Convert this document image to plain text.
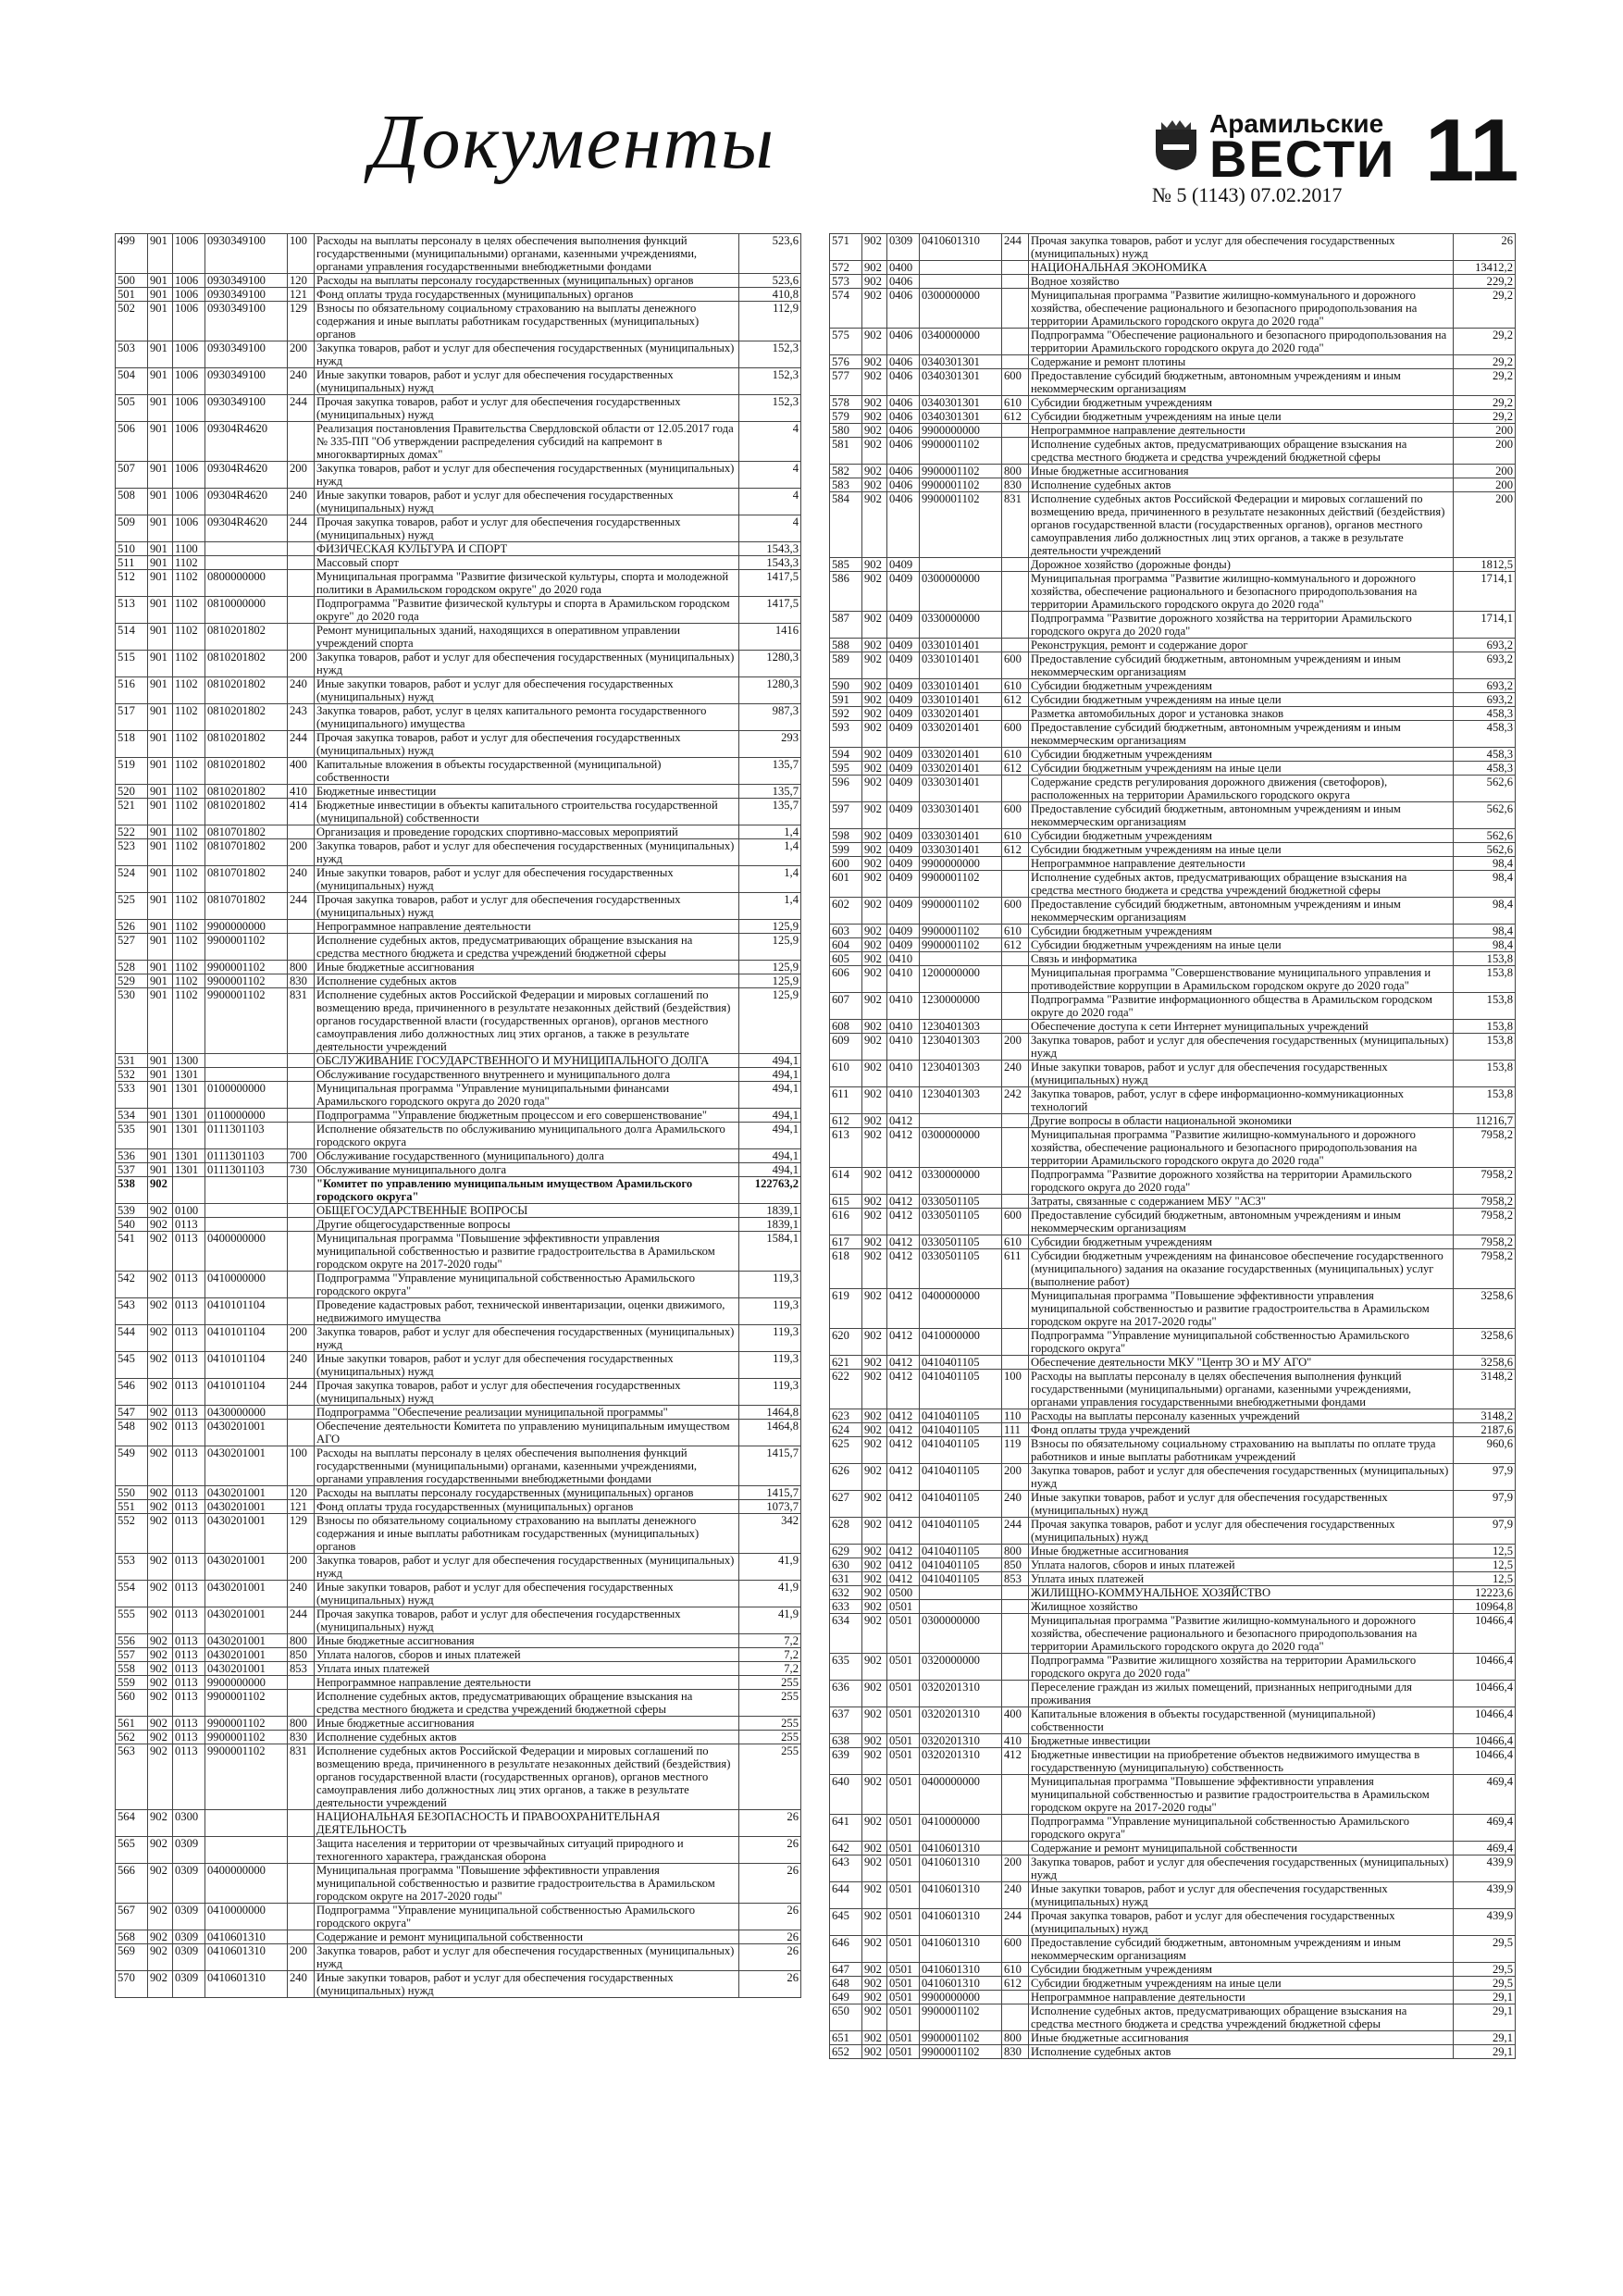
Документы	Арамильские
ВЕСТИ 11
№ 5 (1143) 07.02.2017
499	901	1006	0930349100	100	Расходы на выплаты персоналу в целях обеспечения выполнения функций государственными (муниципальными) органами, казенными учреждениями, органами управления государственными внебюджетными фондами	523,6
500	901	1006	0930349100	120	Расходы на выплаты персоналу государственных (муниципальных) органов	523,6
501	901	1006	0930349100	121	Фонд оплаты труда государственных (муниципальных) органов	410,8
502	901	1006	0930349100	129	Взносы по обязательному социальному страхованию на выплаты денежного содержания и иные выплаты работникам государственных (муниципальных) органов	112,9
503	901	1006	0930349100	200	Закупка товаров, работ и услуг для обеспечения государственных (муниципальных) нужд	152,3
504	901	1006	0930349100	240	Иные закупки товаров, работ и услуг для обеспечения государственных (муниципальных) нужд	152,3
505	901	1006	0930349100	244	Прочая закупка товаров, работ и услуг для обеспечения государственных (муниципальных) нужд	152,3
506	901	1006	09304R4620		Реализация постановления Правительства Свердловской области от 12.05.2017 года № 335-ПП "Об утверждении распределения субсидий на капремонт в многоквартирных домах"	4
507	901	1006	09304R4620	200	Закупка товаров, работ и услуг для обеспечения государственных (муниципальных) нужд	4
508	901	1006	09304R4620	240	Иные закупки товаров, работ и услуг для обеспечения государственных (муниципальных) нужд	4
509	901	1006	09304R4620	244	Прочая закупка товаров, работ и услуг для обеспечения государственных (муниципальных) нужд	4
510	901	1100			ФИЗИЧЕСКАЯ КУЛЬТУРА И СПОРТ	1543,3
511	901	1102			Массовый спорт	1543,3
512	901	1102	0800000000		Муниципальная программа "Развитие физической культуры, спорта и молодежной политики в Арамильском городском округе" до 2020 года	1417,5
513	901	1102	0810000000		Подпрограмма "Развитие физической культуры и спорта в Арамильском городском округе" до 2020 года	1417,5
514	901	1102	0810201802		Ремонт муниципальных зданий, находящихся в оперативном управлении учреждений спорта	1416
515	901	1102	0810201802	200	Закупка товаров, работ и услуг для обеспечения государственных (муниципальных) нужд	1280,3
516	901	1102	0810201802	240	Иные закупки товаров, работ и услуг для обеспечения государственных (муниципальных) нужд	1280,3
517	901	1102	0810201802	243	Закупка товаров, работ, услуг в целях капитального ремонта государственного (муниципального) имущества	987,3
518	901	1102	0810201802	244	Прочая закупка товаров, работ и услуг для обеспечения государственных (муниципальных) нужд	293
519	901	1102	0810201802	400	Капитальные вложения в объекты государственной (муниципальной) собственности	135,7
520	901	1102	0810201802	410	Бюджетные инвестиции	135,7
521	901	1102	0810201802	414	Бюджетные инвестиции в объекты капитального строительства государственной (муниципальной) собственности	135,7
522	901	1102	0810701802		Организация и проведение городских спортивно-массовых мероприятий	1,4
523	901	1102	0810701802	200	Закупка товаров, работ и услуг для обеспечения государственных (муниципальных) нужд	1,4
524	901	1102	0810701802	240	Иные закупки товаров, работ и услуг для обеспечения государственных (муниципальных) нужд	1,4
525	901	1102	0810701802	244	Прочая закупка товаров, работ и услуг для обеспечения государственных (муниципальных) нужд	1,4
526	901	1102	9900000000		Непрограммное направление деятельности	125,9
527	901	1102	9900001102		Исполнение судебных актов, предусматривающих обращение взыскания на средства местного бюджета и средства учреждений бюджетной сферы	125,9
528	901	1102	9900001102	800	Иные бюджетные ассигнования	125,9
529	901	1102	9900001102	830	Исполнение судебных актов	125,9
530	901	1102	9900001102	831	Исполнение судебных актов Российской Федерации и мировых соглашений по возмещению вреда, причиненного в результате незаконных действий (бездействия) органов государственной власти (государственных органов), органов местного самоуправления либо должностных лиц этих органов, а также в результате деятельности учреждений	125,9
531	901	1300			ОБСЛУЖИВАНИЕ ГОСУДАРСТВЕННОГО И МУНИЦИПАЛЬНОГО ДОЛГА	494,1
532	901	1301			Обслуживание государственного внутреннего и муниципального долга	494,1
533	901	1301	0100000000		Муниципальная программа "Управление муниципальными финансами Арамильского городского округа до 2020 года"	494,1
534	901	1301	0110000000		Подпрограмма "Управление бюджетным процессом и его совершенствование"	494,1
535	901	1301	0111301103		Исполнение обязательств по обслуживанию муниципального долга Арамильского городского округа	494,1
536	901	1301	0111301103	700	Обслуживание государственного (муниципального) долга	494,1
537	901	1301	0111301103	730	Обслуживание муниципального долга	494,1
538	902				"Комитет по управлению муниципальным имуществом Арамильского городского округа"	122763,2
539	902	0100			ОБЩЕГОСУДАРСТВЕННЫЕ ВОПРОСЫ	1839,1
540	902	0113			Другие общегосударственные вопросы	1839,1
541	902	0113	0400000000		Муниципальная программа "Повышение эффективности управления муниципальной собственностью и развитие градостроительства в Арамильском городском округе на 2017-2020 годы"	1584,1
542	902	0113	0410000000		Подпрограмма "Управление муниципальной собственностью Арамильского городского округа"	119,3
543	902	0113	0410101104		Проведение кадастровых работ, технической инвентаризации, оценки движимого, недвижимого имущества	119,3
544	902	0113	0410101104	200	Закупка товаров, работ и услуг для обеспечения государственных (муниципальных) нужд	119,3
545	902	0113	0410101104	240	Иные закупки товаров, работ и услуг для обеспечения государственных (муниципальных) нужд	119,3
546	902	0113	0410101104	244	Прочая закупка товаров, работ и услуг для обеспечения государственных (муниципальных) нужд	119,3
547	902	0113	0430000000		Подпрограмма "Обеспечение реализации муниципальной программы"	1464,8
548	902	0113	0430201001		Обеспечение деятельности Комитета по управлению муниципальным имуществом АГО	1464,8
549	902	0113	0430201001	100	Расходы на выплаты персоналу в целях обеспечения выполнения функций государственными (муниципальными) органами, казенными учреждениями, органами управления государственными внебюджетными фондами	1415,7
550	902	0113	0430201001	120	Расходы на выплаты персоналу государственных (муниципальных) органов	1415,7
551	902	0113	0430201001	121	Фонд оплаты труда государственных (муниципальных) органов	1073,7
552	902	0113	0430201001	129	Взносы по обязательному социальному страхованию на выплаты денежного содержания и иные выплаты работникам государственных (муниципальных) органов	342
553	902	0113	0430201001	200	Закупка товаров, работ и услуг для обеспечения государственных (муниципальных) нужд	41,9
554	902	0113	0430201001	240	Иные закупки товаров, работ и услуг для обеспечения государственных (муниципальных) нужд	41,9
555	902	0113	0430201001	244	Прочая закупка товаров, работ и услуг для обеспечения государственных (муниципальных) нужд	41,9
556	902	0113	0430201001	800	Иные бюджетные ассигнования	7,2
557	902	0113	0430201001	850	Уплата налогов, сборов и иных платежей	7,2
558	902	0113	0430201001	853	Уплата иных платежей	7,2
559	902	0113	9900000000		Непрограммное направление деятельности	255
560	902	0113	9900001102		Исполнение судебных актов, предусматривающих обращение взыскания на средства местного бюджета и средства учреждений бюджетной сферы	255
561	902	0113	9900001102	800	Иные бюджетные ассигнования	255
562	902	0113	9900001102	830	Исполнение судебных актов	255
563	902	0113	9900001102	831	Исполнение судебных актов Российской Федерации и мировых соглашений по возмещению вреда, причиненного в результате незаконных действий (бездействия) органов государственной власти (государственных органов), органов местного самоуправления либо должностных лиц этих органов, а также в результате деятельности учреждений	255
564	902	0300			НАЦИОНАЛЬНАЯ БЕЗОПАСНОСТЬ И ПРАВООХРАНИТЕЛЬНАЯ ДЕЯТЕЛЬНОСТЬ	26
565	902	0309			Защита населения и территории от чрезвычайных ситуаций природного и техногенного характера, гражданская оборона	26
566	902	0309	0400000000		Муниципальная программа "Повышение эффективности управления муниципальной собственностью и развитие градостроительства в Арамильском городском округе на 2017-2020 годы"	26
567	902	0309	0410000000		Подпрограмма "Управление муниципальной собственностью Арамильского городского округа"	26
568	902	0309	0410601310		Содержание и ремонт муниципальной собственности	26
569	902	0309	0410601310	200	Закупка товаров, работ и услуг для обеспечения государственных (муниципальных) нужд	26
570	902	0309	0410601310	240	Иные закупки товаров, работ и услуг для обеспечения государственных (муниципальных) нужд	26
571	902	0309	0410601310	244	Прочая закупка товаров, работ и услуг для обеспечения государственных (муниципальных) нужд	26
572	902	0400			НАЦИОНАЛЬНАЯ ЭКОНОМИКА	13412,2
573	902	0406			Водное хозяйство	229,2
574	902	0406	0300000000		Муниципальная программа "Развитие жилищно-коммунального и дорожного хозяйства, обеспечение рационального и безопасного природопользования на территории Арамильского городского округа до 2020 года"	29,2
575	902	0406	0340000000		Подпрограмма "Обеспечение рационального и безопасного природопользования на территории Арамильского городского округа до 2020 года"	29,2
576	902	0406	0340301301		Содержание и ремонт плотины	29,2
577	902	0406	0340301301	600	Предоставление субсидий бюджетным, автономным учреждениям и иным некоммерческим организациям	29,2
578	902	0406	0340301301	610	Субсидии бюджетным учреждениям	29,2
579	902	0406	0340301301	612	Субсидии бюджетным учреждениям на иные цели	29,2
580	902	0406	9900000000		Непрограммное направление деятельности	200
581	902	0406	9900001102		Исполнение судебных актов, предусматривающих обращение взыскания на средства местного бюджета и средства учреждений бюджетной сферы	200
582	902	0406	9900001102	800	Иные бюджетные ассигнования	200
583	902	0406	9900001102	830	Исполнение судебных актов	200
584	902	0406	9900001102	831	Исполнение судебных актов Российской Федерации и мировых соглашений по возмещению вреда, причиненного в результате незаконных действий (бездействия) органов государственной власти (государственных органов), органов местного самоуправления либо должностных лиц этих органов, а также в результате деятельности учреждений	200
585	902	0409			Дорожное хозяйство (дорожные фонды)	1812,5
586	902	0409	0300000000		Муниципальная программа "Развитие жилищно-коммунального и дорожного хозяйства, обеспечение рационального и безопасного природопользования на территории Арамильского городского округа до 2020 года"	1714,1
587	902	0409	0330000000		Подпрограмма "Развитие дорожного хозяйства на территории Арамильского городского округа до 2020 года"	1714,1
588	902	0409	0330101401		Реконструкция, ремонт и содержание дорог	693,2
589	902	0409	0330101401	600	Предоставление субсидий бюджетным, автономным учреждениям и иным некоммерческим организациям	693,2
590	902	0409	0330101401	610	Субсидии бюджетным учреждениям	693,2
591	902	0409	0330101401	612	Субсидии бюджетным учреждениям на иные цели	693,2
592	902	0409	0330201401		Разметка автомобильных дорог и установка знаков	458,3
593	902	0409	0330201401	600	Предоставление субсидий бюджетным, автономным учреждениям и иным некоммерческим организациям	458,3
594	902	0409	0330201401	610	Субсидии бюджетным учреждениям	458,3
595	902	0409	0330201401	612	Субсидии бюджетным учреждениям на иные цели	458,3
596	902	0409	0330301401		Содержание средств регулирования дорожного движения (светофоров), расположенных на территории Арамильского городского округа	562,6
597	902	0409	0330301401	600	Предоставление субсидий бюджетным, автономным учреждениям и иным некоммерческим организациям	562,6
598	902	0409	0330301401	610	Субсидии бюджетным учреждениям	562,6
599	902	0409	0330301401	612	Субсидии бюджетным учреждениям на иные цели	562,6
600	902	0409	9900000000		Непрограммное направление деятельности	98,4
601	902	0409	9900001102		Исполнение судебных актов, предусматривающих обращение взыскания на средства местного бюджета и средства учреждений бюджетной сферы	98,4
602	902	0409	9900001102	600	Предоставление субсидий бюджетным, автономным учреждениям и иным некоммерческим организациям	98,4
603	902	0409	9900001102	610	Субсидии бюджетным учреждениям	98,4
604	902	0409	9900001102	612	Субсидии бюджетным учреждениям на иные цели	98,4
605	902	0410			Связь и информатика	153,8
606	902	0410	1200000000		Муниципальная программа "Совершенствование муниципального управления и противодействие коррупции в Арамильском городском округе до 2020 года"	153,8
607	902	0410	1230000000		Подпрограмма "Развитие информационного общества в Арамильском городском округе до 2020 года"	153,8
608	902	0410	1230401303		Обеспечение доступа к сети Интернет муниципальных учреждений	153,8
609	902	0410	1230401303	200	Закупка товаров, работ и услуг для обеспечения государственных (муниципальных) нужд	153,8
610	902	0410	1230401303	240	Иные закупки товаров, работ и услуг для обеспечения государственных (муниципальных) нужд	153,8
611	902	0410	1230401303	242	Закупка товаров, работ, услуг в сфере информационно-коммуникационных технологий	153,8
612	902	0412			Другие вопросы в области национальной экономики	11216,7
613	902	0412	0300000000		Муниципальная программа "Развитие жилищно-коммунального и дорожного хозяйства, обеспечение рационального и безопасного природопользования на территории Арамильского городского округа до 2020 года"	7958,2
614	902	0412	0330000000		Подпрограмма "Развитие дорожного хозяйства на территории Арамильского городского округа до 2020 года"	7958,2
615	902	0412	0330501105		Затраты, связанные с содержанием МБУ "АСЗ"	7958,2
616	902	0412	0330501105	600	Предоставление субсидий бюджетным, автономным учреждениям и иным некоммерческим организациям	7958,2
617	902	0412	0330501105	610	Субсидии бюджетным учреждениям	7958,2
618	902	0412	0330501105	611	Субсидии бюджетным учреждениям на финансовое обеспечение государственного (муниципального) задания на оказание государственных (муниципальных) услуг (выполнение работ)	7958,2
619	902	0412	0400000000		Муниципальная программа "Повышение эффективности управления муниципальной собственностью и развитие градостроительства в Арамильском городском округе на 2017-2020 годы"	3258,6
620	902	0412	0410000000		Подпрограмма "Управление муниципальной собственностью Арамильского городского округа"	3258,6
621	902	0412	0410401105		Обеспечение деятельности МКУ "Центр ЗО и МУ АГО"	3258,6
622	902	0412	0410401105	100	Расходы на выплаты персоналу в целях обеспечения выполнения функций государственными (муниципальными) органами, казенными учреждениями, органами управления государственными внебюджетными фондами	3148,2
623	902	0412	0410401105	110	Расходы на выплаты персоналу казенных учреждений	3148,2
624	902	0412	0410401105	111	Фонд оплаты труда учреждений	2187,6
625	902	0412	0410401105	119	Взносы по обязательному социальному страхованию на выплаты по оплате труда работников и иные выплаты работникам учреждений	960,6
626	902	0412	0410401105	200	Закупка товаров, работ и услуг для обеспечения государственных (муниципальных) нужд	97,9
627	902	0412	0410401105	240	Иные закупки товаров, работ и услуг для обеспечения государственных (муниципальных) нужд	97,9
628	902	0412	0410401105	244	Прочая закупка товаров, работ и услуг для обеспечения государственных (муниципальных) нужд	97,9
629	902	0412	0410401105	800	Иные бюджетные ассигнования	12,5
630	902	0412	0410401105	850	Уплата налогов, сборов и иных платежей	12,5
631	902	0412	0410401105	853	Уплата иных платежей	12,5
632	902	0500			ЖИЛИЩНО-КОММУНАЛЬНОЕ ХОЗЯЙСТВО	12223,6
633	902	0501			Жилищное хозяйство	10964,8
634	902	0501	0300000000		Муниципальная программа "Развитие жилищно-коммунального и дорожного хозяйства, обеспечение рационального и безопасного природопользования на территории Арамильского городского округа до 2020 года"	10466,4
635	902	0501	0320000000		Подпрограмма "Развитие жилищного хозяйства на территории Арамильского городского округа до 2020 года"	10466,4
636	902	0501	0320201310		Переселение граждан из жилых помещений, признанных непригодными для проживания	10466,4
637	902	0501	0320201310	400	Капитальные вложения в объекты государственной (муниципальной) собственности	10466,4
638	902	0501	0320201310	410	Бюджетные инвестиции	10466,4
639	902	0501	0320201310	412	Бюджетные инвестиции на приобретение объектов недвижимого имущества в государственную (муниципальную) собственность	10466,4
640	902	0501	0400000000		Муниципальная программа "Повышение эффективности управления муниципальной собственностью и развитие градостроительства в Арамильском городском округе на 2017-2020 годы"	469,4
641	902	0501	0410000000		Подпрограмма "Управление муниципальной собственностью Арамильского городского округа"	469,4
642	902	0501	0410601310		Содержание и ремонт муниципальной собственности	469,4
643	902	0501	0410601310	200	Закупка товаров, работ и услуг для обеспечения государственных (муниципальных) нужд	439,9
644	902	0501	0410601310	240	Иные закупки товаров, работ и услуг для обеспечения государственных (муниципальных) нужд	439,9
645	902	0501	0410601310	244	Прочая закупка товаров, работ и услуг для обеспечения государственных (муниципальных) нужд	439,9
646	902	0501	0410601310	600	Предоставление субсидий бюджетным, автономным учреждениям и иным некоммерческим организациям	29,5
647	902	0501	0410601310	610	Субсидии бюджетным учреждениям	29,5
648	902	0501	0410601310	612	Субсидии бюджетным учреждениям на иные цели	29,5
649	902	0501	9900000000		Непрограммное направление деятельности	29,1
650	902	0501	9900001102		Исполнение судебных актов, предусматривающих обращение взыскания на средства местного бюджета и средства учреждений бюджетной сферы	29,1
651	902	0501	9900001102	800	Иные бюджетные ассигнования	29,1
652	902	0501	9900001102	830	Исполнение судебных актов	29,1
